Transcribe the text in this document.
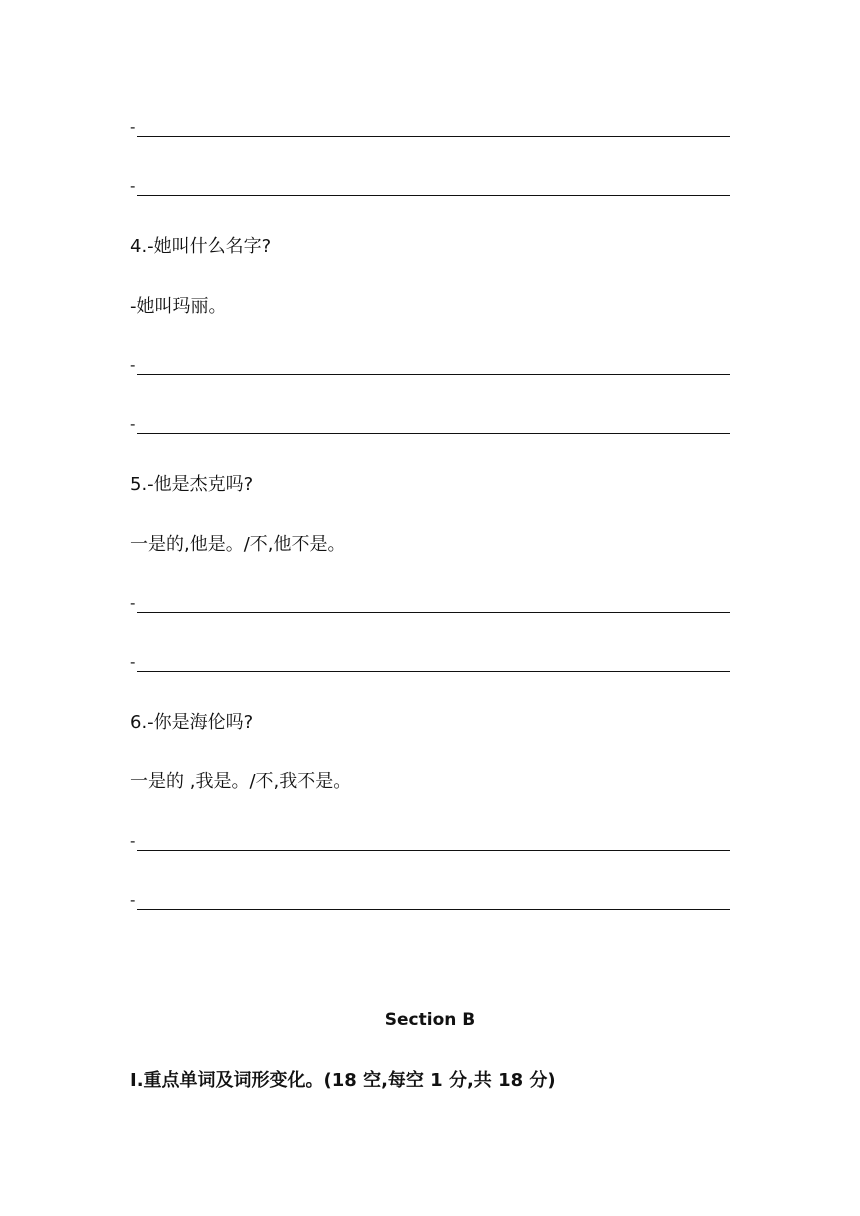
-
-
4.-她叫什么名字?
-她叫玛丽。
-
-
5.-他是杰克吗?
一是的,他是。/不,他不是。
-
-
6.-你是海伦吗?
一是的 ,我是。/不,我不是。
-
-
Section B
Ⅰ.重点单词及词形变化。(18 空,每空 1 分,共 18 分)
